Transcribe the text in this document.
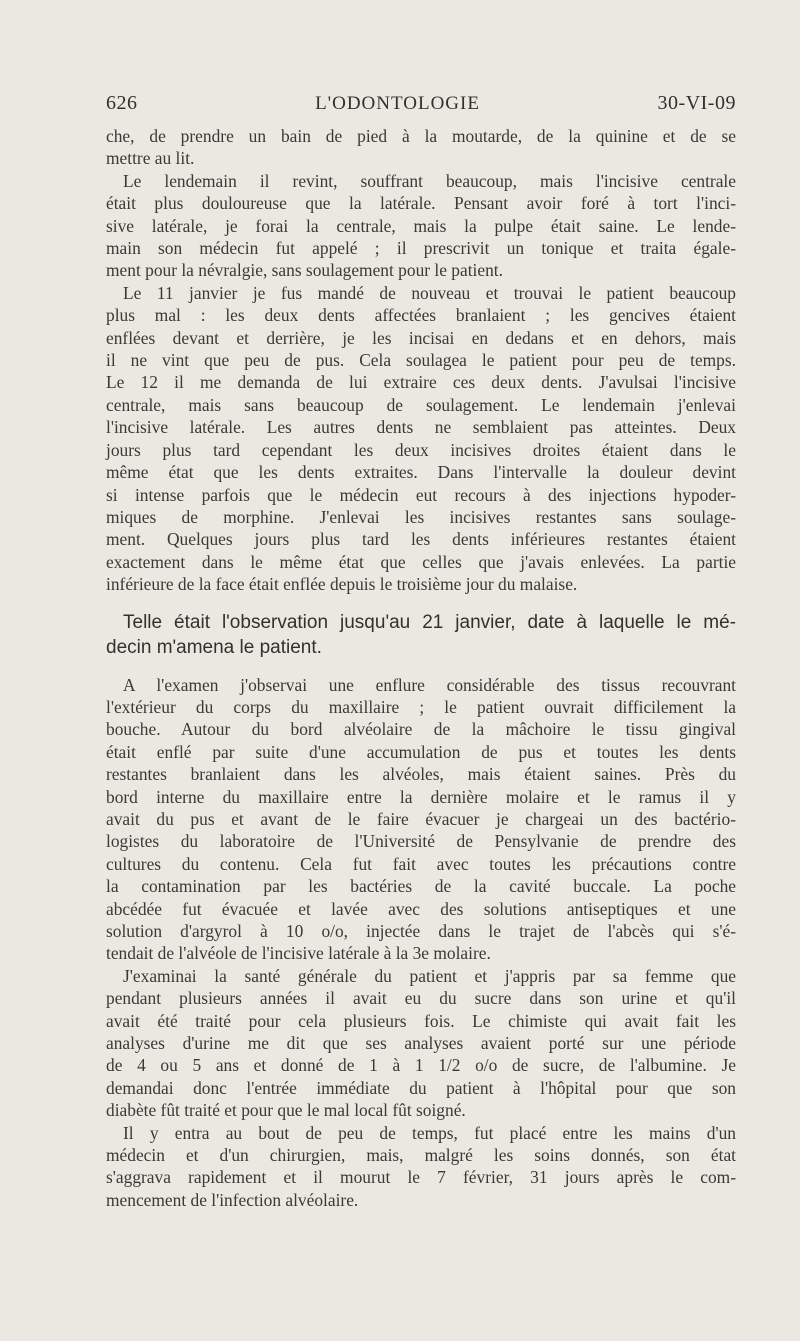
626	L'ODONTOLOGIE	30-VI-09

che, de prendre un bain de pied à la moutarde, de la quinine et de se
mettre au lit.

Le lendemain il revint, souffrant beaucoup, mais l'incisive centrale
était plus douloureuse que la latérale. Pensant avoir foré à tort l'inci-
sive latérale, je forai la centrale, mais la pulpe était saine. Le lende-
main son médecin fut appelé ; il prescrivit un tonique et traita égale-
ment pour la névralgie, sans soulagement pour le patient.

Le 11 janvier je fus mandé de nouveau et trouvai le patient beaucoup
plus mal : les deux dents affectées branlaient ; les gencives étaient
enflées devant et derrière, je les incisai en dedans et en dehors, mais
il ne vint que peu de pus. Cela soulagea le patient pour peu de temps.
Le 12 il me demanda de lui extraire ces deux dents. J'avulsai l'incisive
centrale, mais sans beaucoup de soulagement. Le lendemain j'enlevai
l'incisive latérale. Les autres dents ne semblaient pas atteintes. Deux
jours plus tard cependant les deux incisives droites étaient dans le
même état que les dents extraites. Dans l'intervalle la douleur devint
si intense parfois que le médecin eut recours à des injections hypoder-
miques de morphine. J'enlevai les incisives restantes sans soulage-
ment. Quelques jours plus tard les dents inférieures restantes étaient
exactement dans le même état que celles que j'avais enlevées. La partie
inférieure de la face était enflée depuis le troisième jour du malaise.

Telle était l'observation jusqu'au 21 janvier, date à laquelle le mé-
decin m'amena le patient.

A l'examen j'observai une enflure considérable des tissus recouvrant
l'extérieur du corps du maxillaire ; le patient ouvrait difficilement la
bouche. Autour du bord alvéolaire de la mâchoire le tissu gingival
était enflé par suite d'une accumulation de pus et toutes les dents
restantes branlaient dans les alvéoles, mais étaient saines. Près du
bord interne du maxillaire entre la dernière molaire et le ramus il y
avait du pus et avant de le faire évacuer je chargeai un des bactério-
logistes du laboratoire de l'Université de Pensylvanie de prendre des
cultures du contenu. Cela fut fait avec toutes les précautions contre
la contamination par les bactéries de la cavité buccale. La poche
abcédée fut évacuée et lavée avec des solutions antiseptiques et une
solution d'argyrol à 10 o/o, injectée dans le trajet de l'abcès qui s'é-
tendait de l'alvéole de l'incisive latérale à la 3e molaire.

J'examinai la santé générale du patient et j'appris par sa femme que
pendant plusieurs années il avait eu du sucre dans son urine et qu'il
avait été traité pour cela plusieurs fois. Le chimiste qui avait fait les
analyses d'urine me dit que ses analyses avaient porté sur une période
de 4 ou 5 ans et donné de 1 à 1 1/2 o/o de sucre, de l'albumine. Je
demandai donc l'entrée immédiate du patient à l'hôpital pour que son
diabète fût traité et pour que le mal local fût soigné.

Il y entra au bout de peu de temps, fut placé entre les mains d'un
médecin et d'un chirurgien, mais, malgré les soins donnés, son état
s'aggrava rapidement et il mourut le 7 février, 31 jours après le com-
mencement de l'infection alvéolaire.
